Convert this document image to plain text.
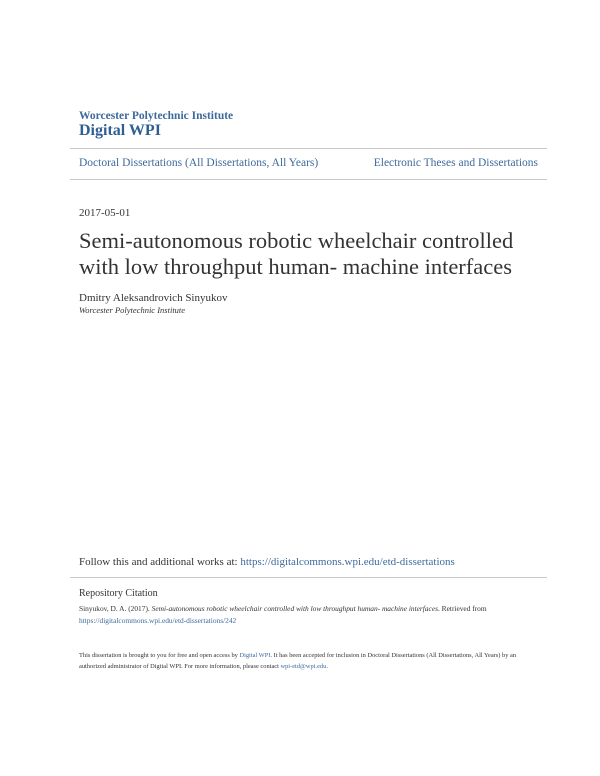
Worcester Polytechnic Institute
Digital WPI
Doctoral Dissertations (All Dissertations, All Years)	Electronic Theses and Dissertations
2017-05-01
Semi-autonomous robotic wheelchair controlled with low throughput human- machine interfaces
Dmitry Aleksandrovich Sinyukov
Worcester Polytechnic Institute
Follow this and additional works at: https://digitalcommons.wpi.edu/etd-dissertations
Repository Citation
Sinyukov, D. A. (2017). Semi-autonomous robotic wheelchair controlled with low throughput human- machine interfaces. Retrieved from
https://digitalcommons.wpi.edu/etd-dissertations/242
This dissertation is brought to you for free and open access by Digital WPI. It has been accepted for inclusion in Doctoral Dissertations (All Dissertations, All Years) by an authorized administrator of Digital WPI. For more information, please contact wpi-etd@wpi.edu.
